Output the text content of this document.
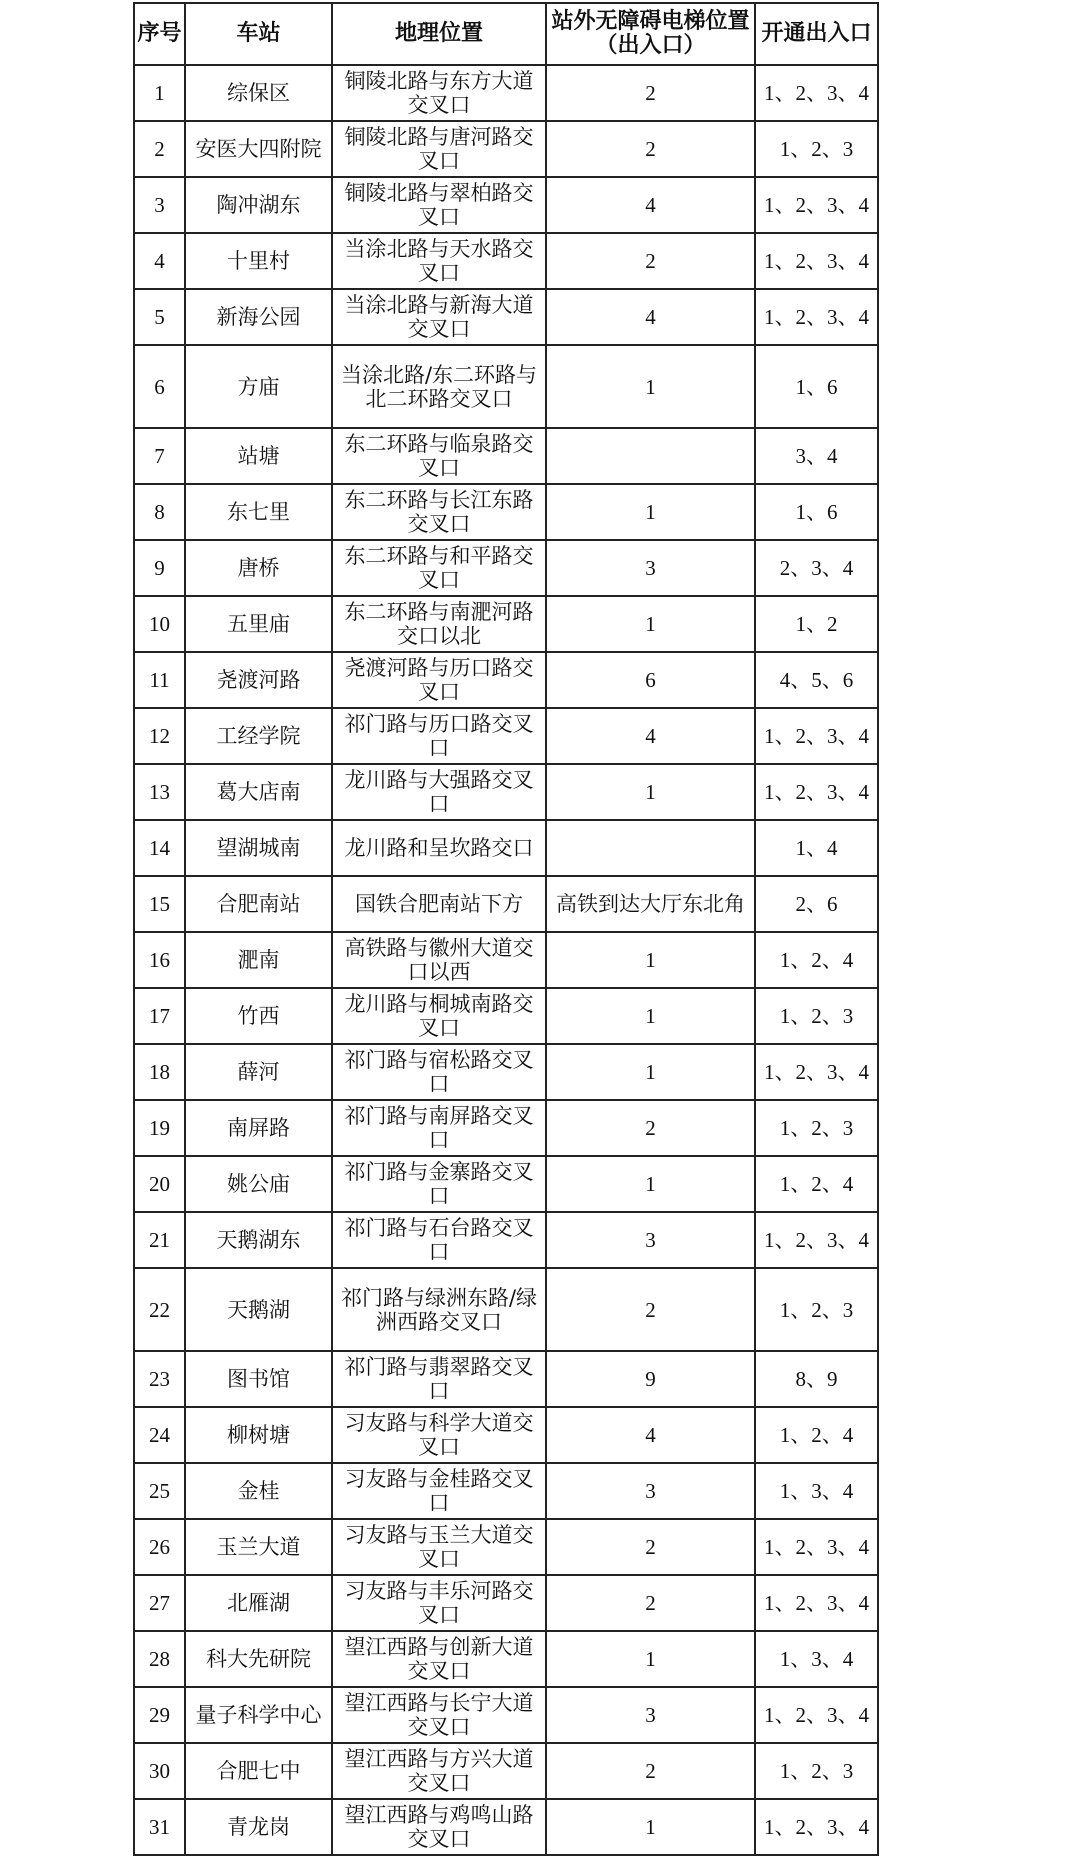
序号	车站	地理位置	站外无障碍电梯位置（出入口）	开通出入口
1	综保区	铜陵北路与东方大道交叉口	2	1、2、3、4
2	安医大四附院	铜陵北路与唐河路交叉口	2	1、2、3
3	陶冲湖东	铜陵北路与翠柏路交叉口	4	1、2、3、4
4	十里村	当涂北路与天水路交叉口	2	1、2、3、4
5	新海公园	当涂北路与新海大道交叉口	4	1、2、3、4
6	方庙	当涂北路/东二环路与北二环路交叉口	1	1、6
7	站塘	东二环路与临泉路交叉口		3、4
8	东七里	东二环路与长江东路交叉口	1	1、6
9	唐桥	东二环路与和平路交叉口	3	2、3、4
10	五里庙	东二环路与南淝河路交口以北	1	1、2
11	尧渡河路	尧渡河路与历口路交叉口	6	4、5、6
12	工经学院	祁门路与历口路交叉口	4	1、2、3、4
13	葛大店南	龙川路与大强路交叉口	1	1、2、3、4
14	望湖城南	龙川路和呈坎路交口		1、4
15	合肥南站	国铁合肥南站下方	高铁到达大厅东北角	2、6
16	淝南	高铁路与徽州大道交口以西	1	1、2、4
17	竹西	龙川路与桐城南路交叉口	1	1、2、3
18	薛河	祁门路与宿松路交叉口	1	1、2、3、4
19	南屏路	祁门路与南屏路交叉口	2	1、2、3
20	姚公庙	祁门路与金寨路交叉口	1	1、2、4
21	天鹅湖东	祁门路与石台路交叉口	3	1、2、3、4
22	天鹅湖	祁门路与绿洲东路/绿洲西路交叉口	2	1、2、3
23	图书馆	祁门路与翡翠路交叉口	9	8、9
24	柳树塘	习友路与科学大道交叉口	4	1、2、4
25	金桂	习友路与金桂路交叉口	3	1、3、4
26	玉兰大道	习友路与玉兰大道交叉口	2	1、2、3、4
27	北雁湖	习友路与丰乐河路交叉口	2	1、2、3、4
28	科大先研院	望江西路与创新大道交叉口	1	1、3、4
29	量子科学中心	望江西路与长宁大道交叉口	3	1、2、3、4
30	合肥七中	望江西路与方兴大道交叉口	2	1、2、3
31	青龙岗	望江西路与鸡鸣山路交叉口	1	1、2、3、4
